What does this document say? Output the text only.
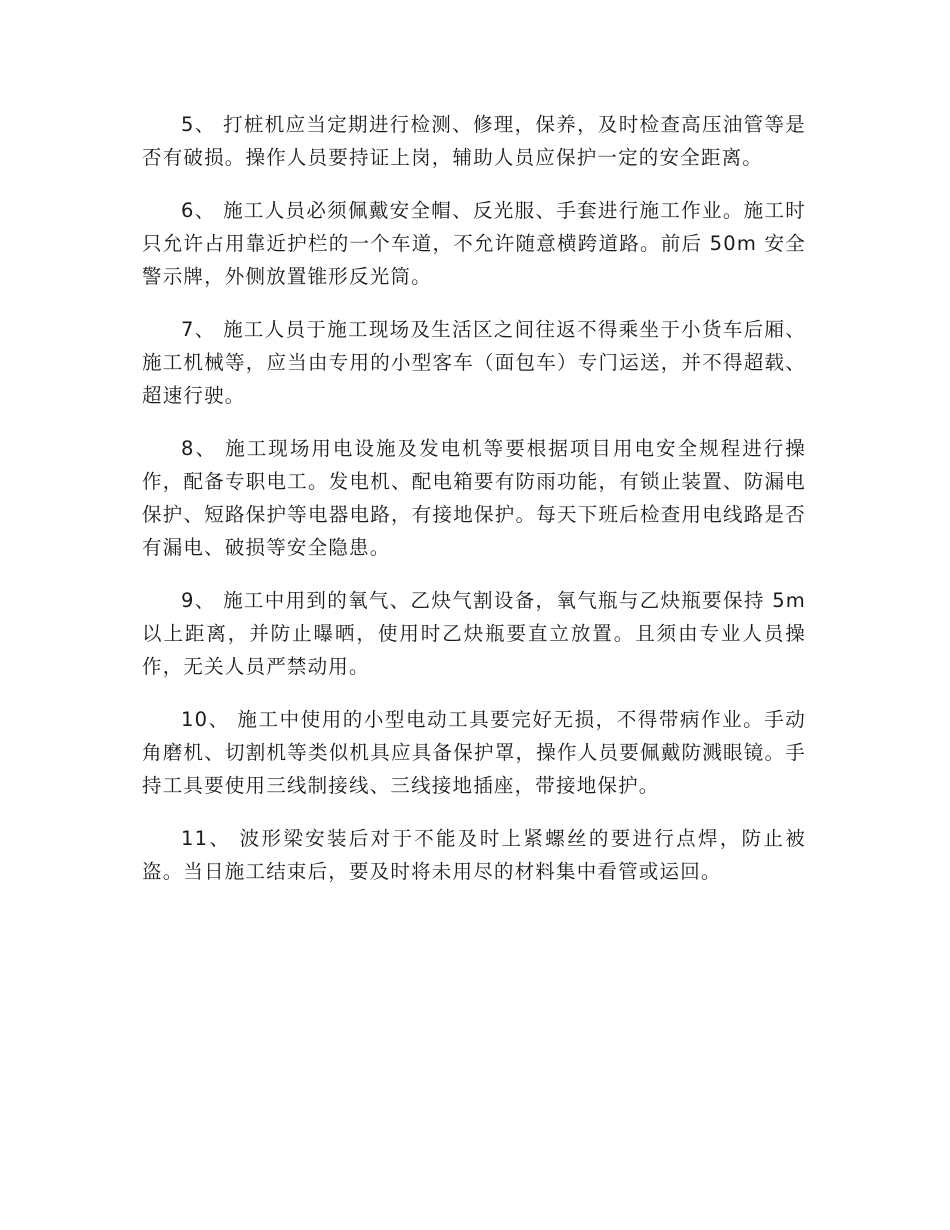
5、 打桩机应当定期进行检测、修理，保养，及时检查高压油管等是否有破损。操作人员要持证上岗，辅助人员应保护一定的安全距离。

6、 施工人员必须佩戴安全帽、反光服、手套进行施工作业。施工时只允许占用靠近护栏的一个车道，不允许随意横跨道路。前后 50m 安全警示牌，外侧放置锥形反光筒。

7、 施工人员于施工现场及生活区之间往返不得乘坐于小货车后厢、施工机械等，应当由专用的小型客车（面包车）专门运送，并不得超载、超速行驶。

8、 施工现场用电设施及发电机等要根据项目用电安全规程进行操作，配备专职电工。发电机、配电箱要有防雨功能，有锁止装置、防漏电保护、短路保护等电器电路，有接地保护。每天下班后检查用电线路是否有漏电、破损等安全隐患。

9、 施工中用到的氧气、乙炔气割设备，氧气瓶与乙炔瓶要保持 5m 以上距离，并防止曝晒，使用时乙炔瓶要直立放置。且须由专业人员操作，无关人员严禁动用。

10、 施工中使用的小型电动工具要完好无损，不得带病作业。手动角磨机、切割机等类似机具应具备保护罩，操作人员要佩戴防溅眼镜。手持工具要使用三线制接线、三线接地插座，带接地保护。

11、 波形梁安装后对于不能及时上紧螺丝的要进行点焊，防止被盗。当日施工结束后，要及时将未用尽的材料集中看管或运回。
